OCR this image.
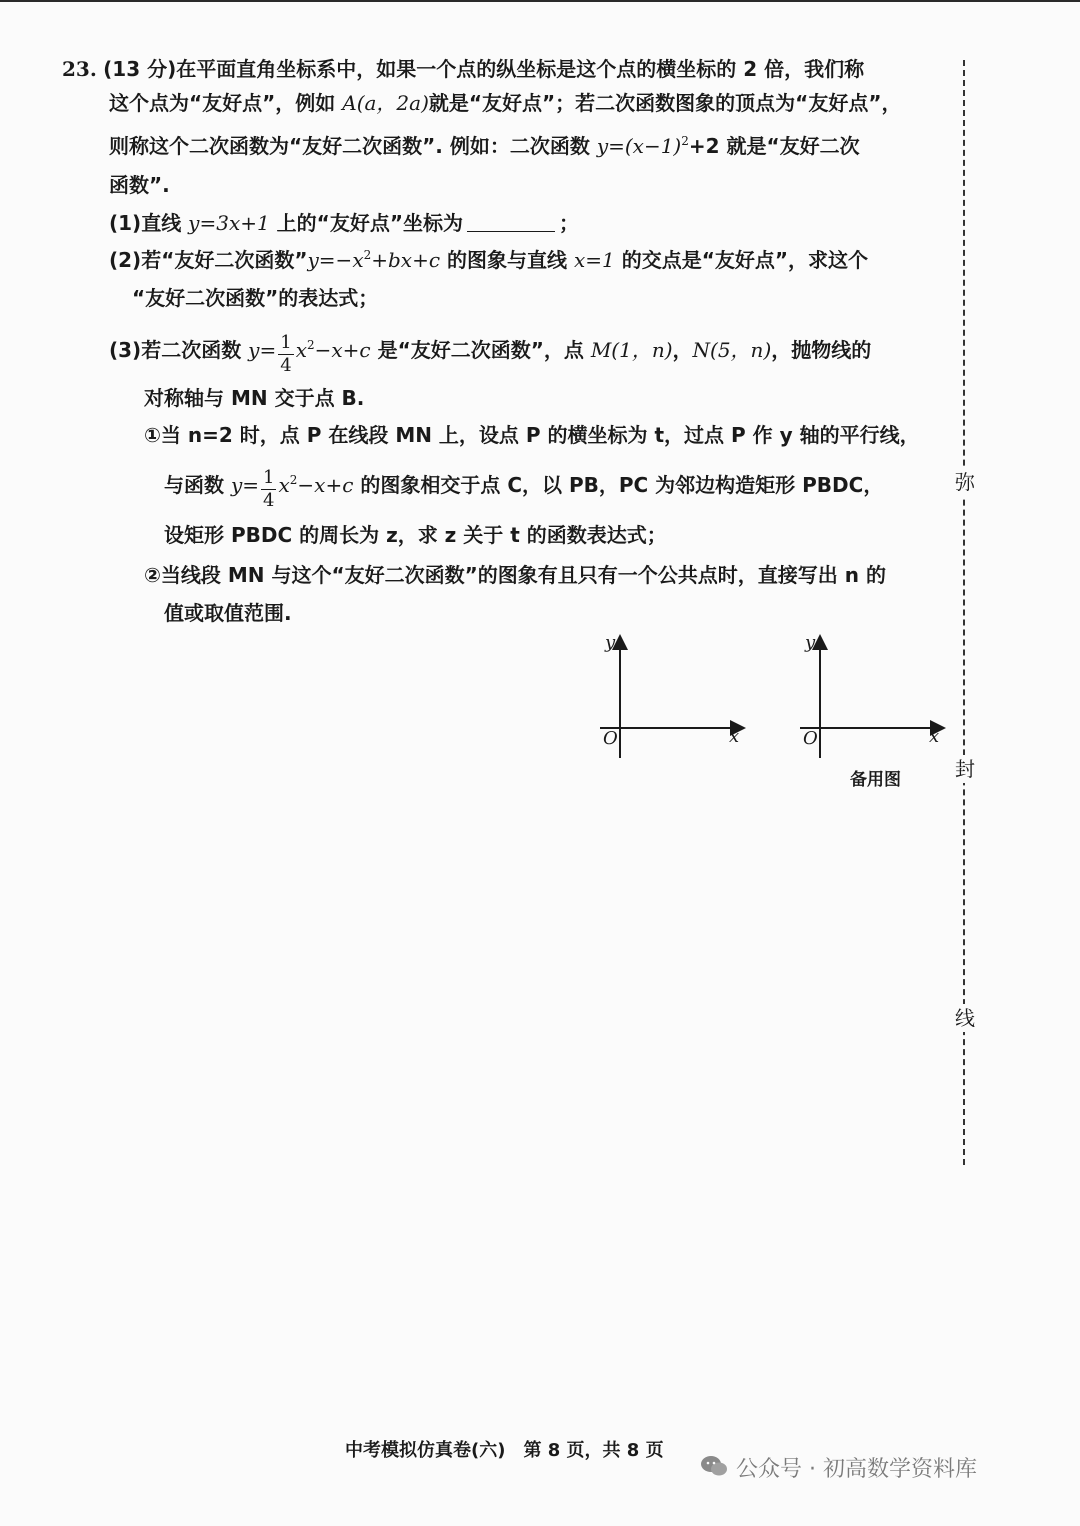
23. (13 分)在平面直角坐标系中，如果一个点的纵坐标是这个点的横坐标的 2 倍，我们称
这个点为“友好点”，例如 A(a，2a)就是“友好点”；若二次函数图象的顶点为“友好点”，
则称这个二次函数为“友好二次函数”. 例如：二次函数 $y=(x-1)^2+2$ 就是“友好二次
函数”.
(1)直线 y=3x+1 上的“友好点”坐标为	；
(2)若“友好二次函数$”y=-x^2+bx+c$ 的图象与直线 x=1 的交点是“友好点”，求这个
“友好二次函数”的表达式；
(3)若二次函数 $y= \frac{1}{4} x^2-x+c$ 是“友好二次函数”，点 M(1，n)，N(5，n)，抛物线的
对称轴与 MN 交于点 B.
①当 n=2 时，点 P 在线段 MN 上，设点 P 的横坐标为 t，过点 P 作 y 轴的平行线，
与函数 $y= \frac{1}{4} x^2-x+c$ 的图象相交于点 C，以 PB，PC 为邻边构造矩形 PBDC，
设矩形 PBDC 的周长为 z，求 z 关于 t 的函数表达式；
②当线段 MN 与这个“友好二次函数”的图象有且只有一个公共点时，直接写出 n 的
值或取值范围.
y
x
O
y
x
O
备用图
弥
封
线
中考模拟仿真卷(六)　第 8 页，共 8 页
公众号 · 初高数学资料库
